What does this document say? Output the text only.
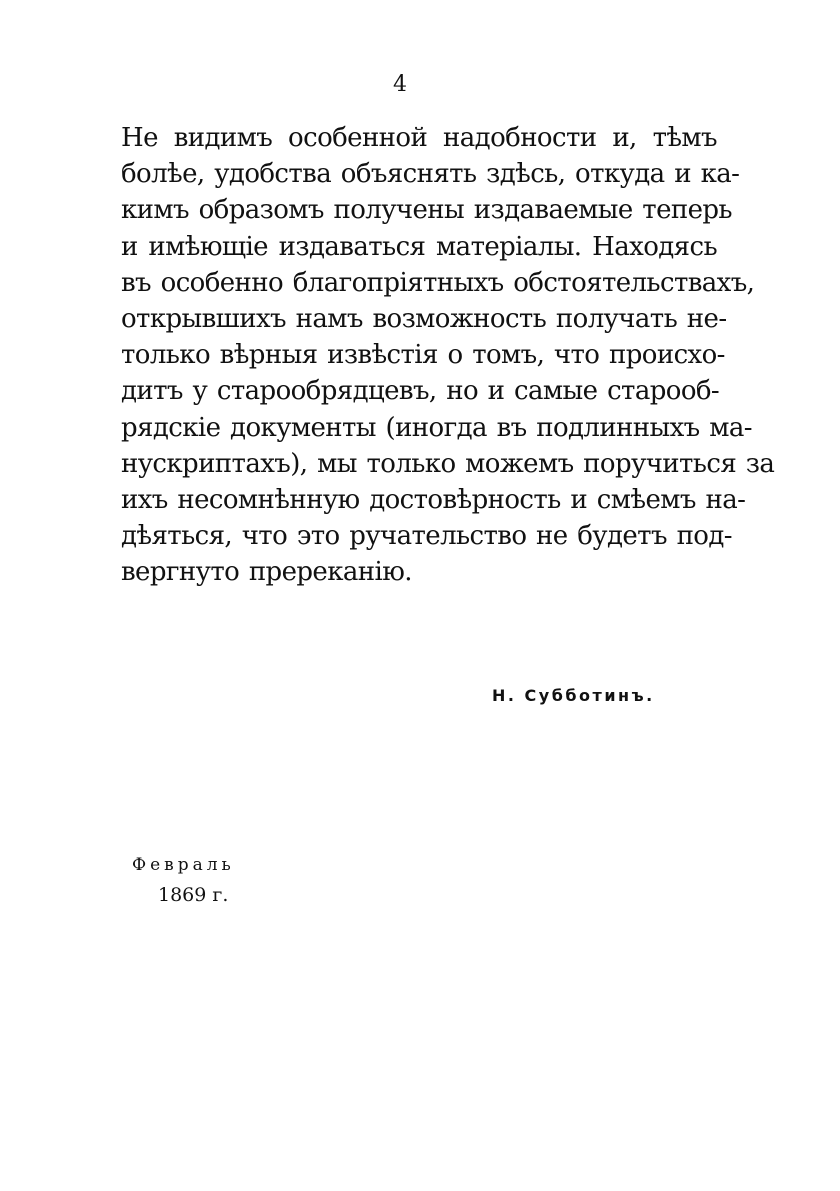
4
Не видимъ особенной надобности и, тѣмъ
болѣе, удобства объяснять здѣсь, откуда и ка-
кимъ образомъ получены издаваемые теперь
и имѣющіе издаваться матеріалы. Находясь
въ особенно благопріятныхъ обстоятельствахъ,
открывшихъ намъ возможность получать не-
только вѣрныя извѣстія о томъ, что происхо-
дитъ у старообрядцевъ, но и самые старооб-
рядскіе документы (иногда въ подлинныхъ ма-
нускриптахъ), мы только можемъ поручиться за
ихъ несомнѣнную достовѣрность и смѣемъ на-
дѣяться, что это ручательство не будетъ под-
вергнуто пререканію.
Н. Субботинъ.
Февраль
1869 г.
